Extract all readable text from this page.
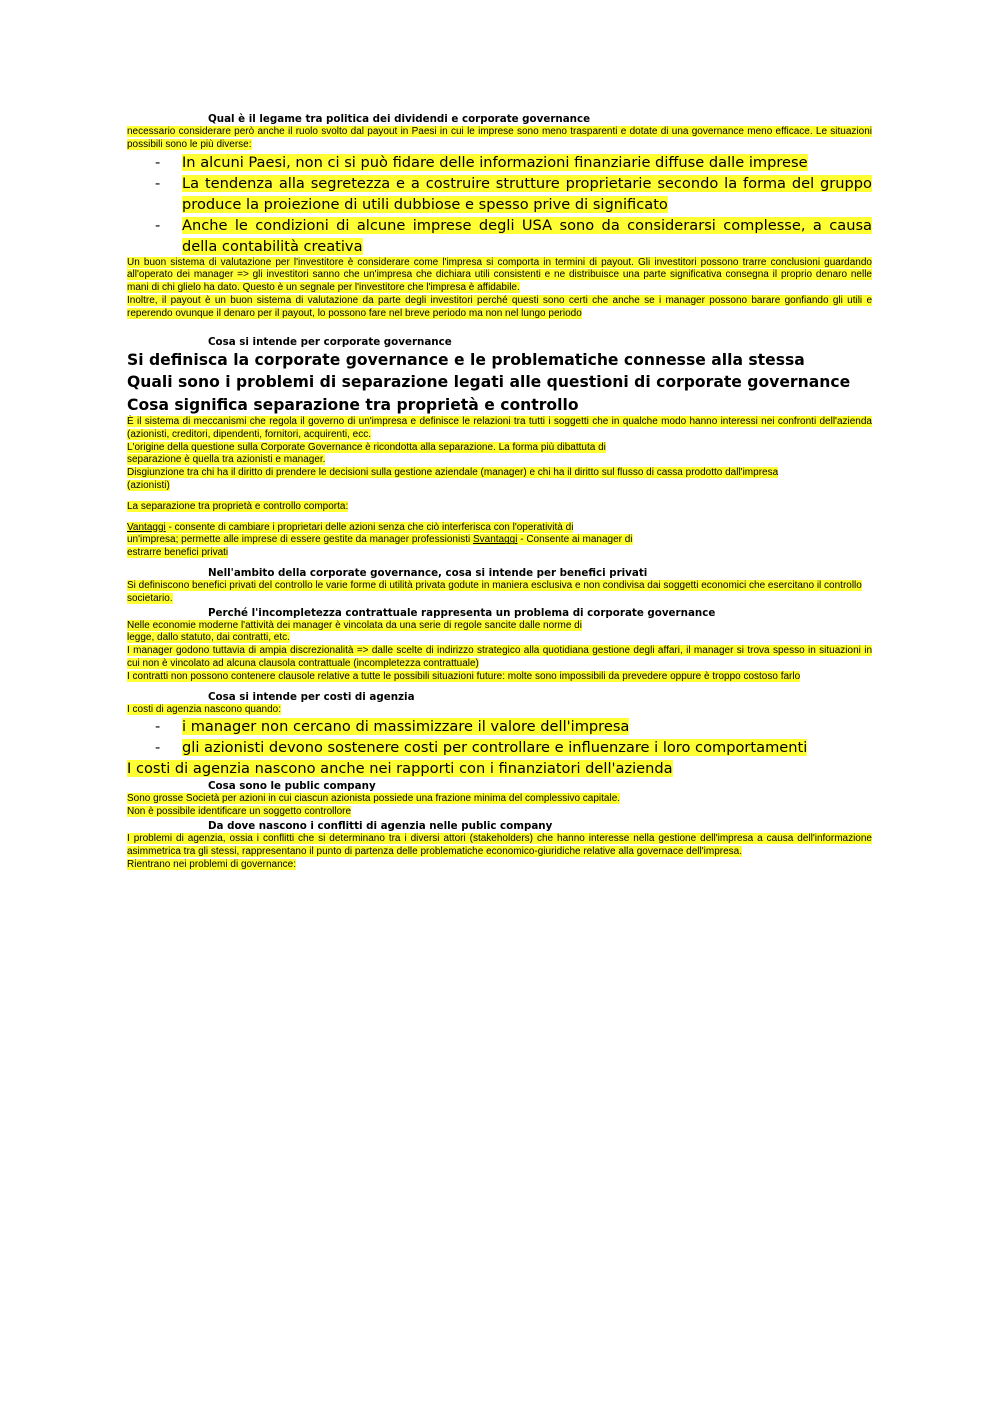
Qual è il legame tra politica dei dividendi e corporate governance

necessario considerare però anche il ruolo svolto dal payout in Paesi in cui le imprese sono meno trasparenti e dotate di una governance meno efficace. Le situazioni possibili sono le più diverse:

- In alcuni Paesi, non ci si può fidare delle informazioni finanziarie diffuse dalle imprese
- La tendenza alla segretezza e a costruire strutture proprietarie secondo la forma del gruppo produce la proiezione di utili dubbiose e spesso prive di significato
- Anche le condizioni di alcune imprese degli USA sono da considerarsi complesse, a causa della contabilità creativa

Un buon sistema di valutazione per l'investitore è considerare come l'impresa si comporta in termini di payout. Gli investitori possono trarre conclusioni guardando all'operato dei manager => gli investitori sanno che un'impresa che dichiara utili consistenti e ne distribuisce una parte significativa consegna il proprio denaro nelle mani di chi glielo ha dato. Questo è un segnale per l'investitore che l'impresa è affidabile.

Inoltre, il payout è un buon sistema di valutazione da parte degli investitori perché questi sono certi che anche se i manager possono barare gonfiando gli utili e reperendo ovunque il denaro per il payout, lo possono fare nel breve periodo ma non nel lungo periodo

Cosa si intende per corporate governance

Si definisca la corporate governance e le problematiche connesse alla stessa

Quali sono i problemi di separazione legati alle questioni di corporate governance

Cosa significa separazione tra proprietà e controllo

È il sistema di meccanismi che regola il governo di un'impresa e definisce le relazioni tra tutti i soggetti che in qualche modo hanno interessi nei confronti dell'azienda (azionisti, creditori, dipendenti, fornitori, acquirenti, ecc.

L'origine della questione sulla Corporate Governance è ricondotta alla separazione. La forma più dibattuta di
separazione è quella tra azionisti e manager.

Disgiunzione tra chi ha il diritto di prendere le decisioni sulla gestione aziendale (manager) e chi ha il diritto sul flusso di cassa prodotto dall'impresa
(azionisti)

La separazione tra proprietà e controllo comporta:

Vantaggi - consente di cambiare i proprietari delle azioni senza che ciò interferisca con l'operatività di
un'impresa; permette alle imprese di essere gestite da manager professionisti Svantaggi - Consente ai manager di
estrarre benefici privati

Nell'ambito della corporate governance, cosa si intende per benefici privati

Si definiscono benefici privati del controllo le varie forme di utilità privata godute in maniera esclusiva e non condivisa dai soggetti economici che esercitano il controllo societario.

Perché l'incompletezza contrattuale rappresenta un problema di corporate governance

Nelle economie moderne l'attività dei manager è vincolata da una serie di regole sancite dalle norme di
legge, dallo statuto, dai contratti, etc.

I manager godono tuttavia di ampia discrezionalità => dalle scelte di indirizzo strategico alla quotidiana gestione degli affari, il manager si trova spesso in situazioni in cui non è vincolato ad alcuna clausola contrattuale (incompletezza contrattuale)

I contratti non possono contenere clausole relative a tutte le possibili situazioni future: molte sono impossibili da prevedere oppure è troppo costoso farlo

Cosa si intende per costi di agenzia

I costi di agenzia nascono quando:

- i manager non cercano di massimizzare il valore dell'impresa
- gli azionisti devono sostenere costi per controllare e influenzare i loro comportamenti

I costi di agenzia nascono anche nei rapporti con i finanziatori dell'azienda

Cosa sono le public company

Sono grosse Società per azioni in cui ciascun azionista possiede una frazione minima del complessivo capitale.
Non è possibile identificare un soggetto controllore

Da dove nascono i conflitti di agenzia nelle public company

I problemi di agenzia, ossia i conflitti che si determinano tra i diversi attori (stakeholders) che hanno interesse nella gestione dell'impresa a causa dell'informazione asimmetrica tra gli stessi, rappresentano il punto di partenza delle problematiche economico-giuridiche relative alla governace dell'impresa.

Rientrano nei problemi di governance:
